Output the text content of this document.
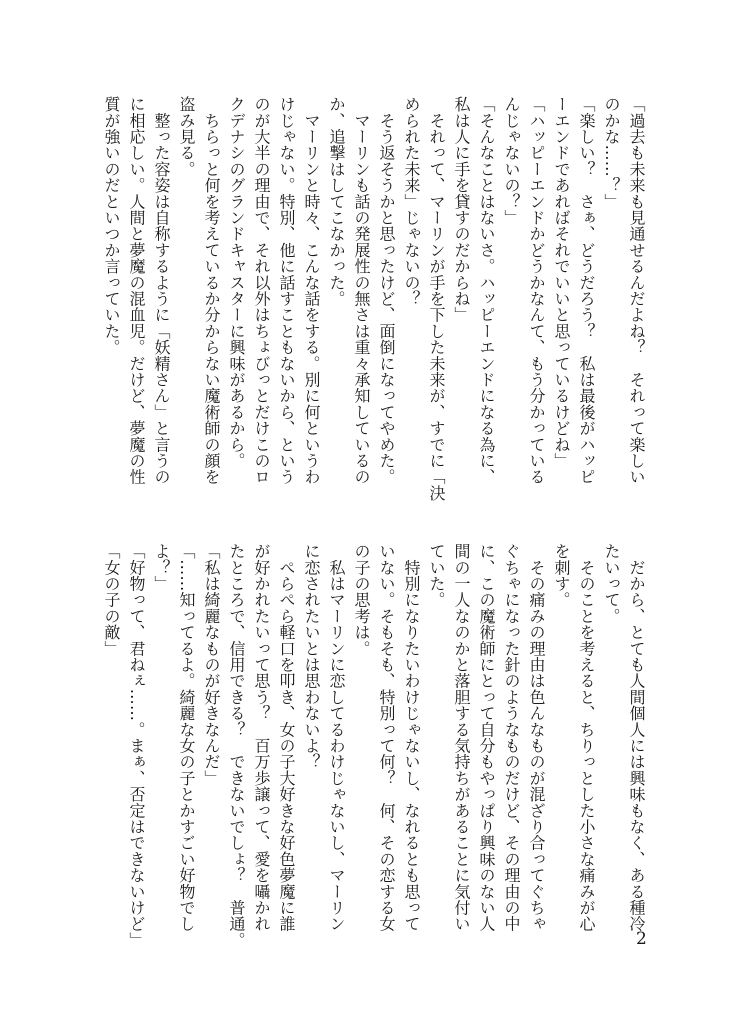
「過去も未来も見通せるんだよね？　それって楽しい
のかな……？」
「楽しい？　さぁ、どうだろう？　私は最後がハッピ
ーエンドであればそれでいいと思っているけどね」
「ハッピーエンドかどうかなんて、もう分かっている
んじゃないの？」
「そんなことはないさ。ハッピーエンドになる為に、
私は人に手を貸すのだからね」
　それって、マーリンが手を下した未来が、すでに「決
められた未来」じゃないの？
　そう返そうかと思ったけど、面倒になってやめた。
　マーリンも話の発展性の無さは重々承知しているの
か、追撃はしてこなかった。
　マーリンと時々、こんな話をする。別に何というわ
けじゃない。特別、他に話すこともないから、という
のが大半の理由で、それ以外はちょびっとだけこのロ
クデナシのグランドキャスターに興味があるから。
　ちらっと何を考えているか分からない魔術師の顔を
盗み見る。
　整った容姿は自称するように「妖精さん」と言うの
に相応しい。人間と夢魔の混血児。だけど、夢魔の性
質が強いのだといつか言っていた。
　だから、とても人間個人には興味もなく、ある種冷
たいって。
　そのことを考えると、ちりっとした小さな痛みが心
を刺す。
　その痛みの理由は色んなものが混ざり合ってぐちゃ
ぐちゃになった針のようなものだけど、その理由の中
に、この魔術師にとって自分もやっぱり興味のない人
間の一人なのかと落胆する気持ちがあることに気付い
ていた。
　特別になりたいわけじゃないし、なれるとも思って
いない。そもそも、特別って何？　何、その恋する女
の子の思考は。
　私はマーリンに恋してるわけじゃないし、マーリン
に恋されたいとは思わないよ？
　ぺらぺら軽口を叩き、女の子大好きな好色夢魔に誰
が好かれたいって思う？　百万歩譲って、愛を囁かれ
たところで、信用できる？　できないでしょ？　普通。
「私は綺麗なものが好きなんだ」
「……知ってるよ。綺麗な女の子とかすごい好物でし
よ？」
「好物って、君ねぇ……。まぁ、否定はできないけど」
「女の子の敵」
2
